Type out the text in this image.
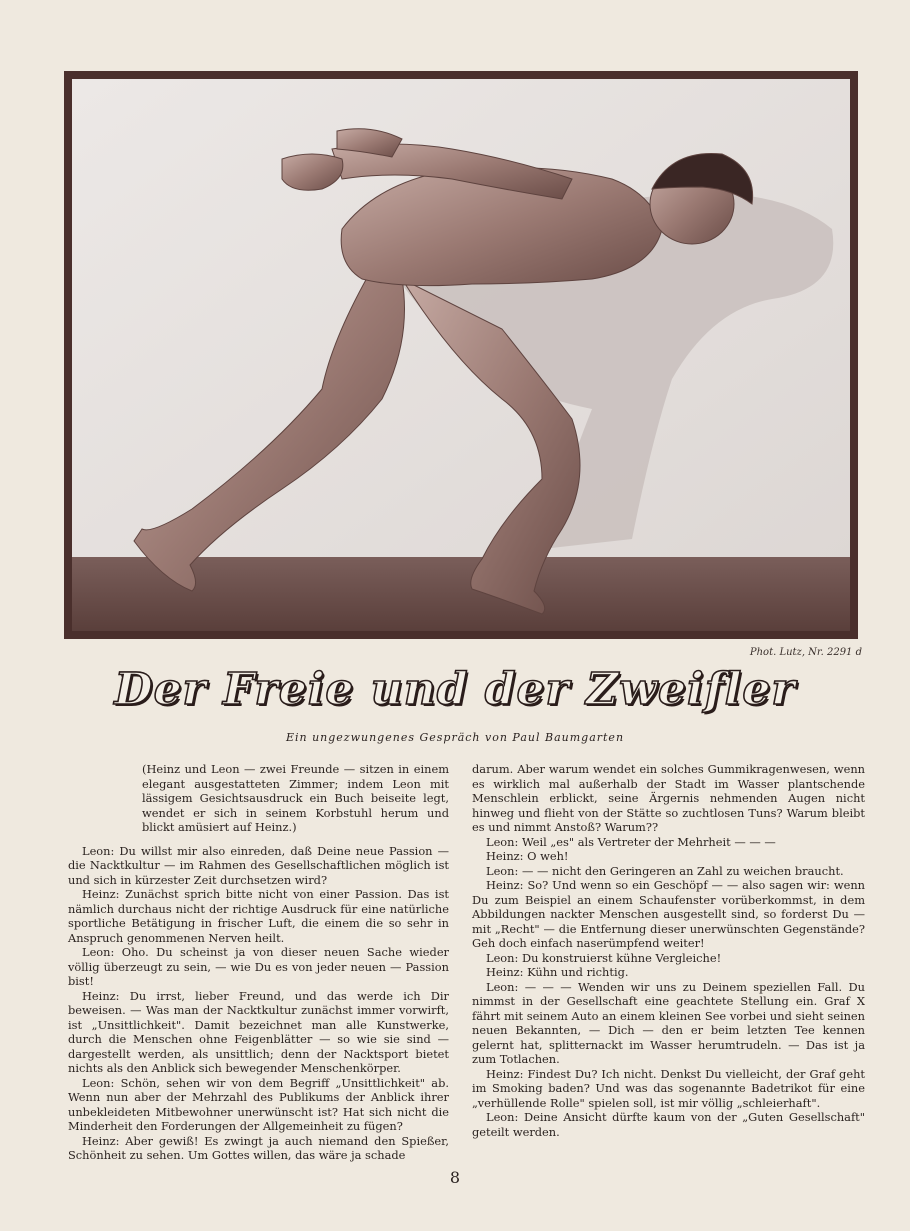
Phot. Lutz, Nr. 2291 d
Der Freie und der Zweifler
Ein ungezwungenes Gespräch von Paul Baumgarten

(Heinz und Leon — zwei Freunde — sitzen in einem elegant ausgestatteten Zimmer; indem Leon mit lässigem Gesichtsausdruck ein Buch beiseite legt, wendet er sich in seinem Korbstuhl herum und blickt amüsiert auf Heinz.)

Leon: Du willst mir also einreden, daß Deine neue Passion — die Nacktkultur — im Rahmen des Gesellschaftlichen möglich ist und sich in kürzester Zeit durchsetzen wird?

Heinz: Zunächst sprich bitte nicht von einer Passion. Das ist nämlich durchaus nicht der richtige Ausdruck für eine natürliche sportliche Betätigung in frischer Luft, die einem die so sehr in Anspruch genommenen Nerven heilt.

Leon: Oho. Du scheinst ja von dieser neuen Sache wieder völlig überzeugt zu sein, — wie Du es von jeder neuen — Passion bist!

Heinz: Du irrst, lieber Freund, und das werde ich Dir beweisen. — Was man der Nacktkultur zunächst immer vorwirft, ist „Unsittlichkeit". Damit bezeichnet man alle Kunstwerke, durch die Menschen ohne Feigenblätter — so wie sie sind — dargestellt werden, als unsittlich; denn der Nacktsport bietet nichts als den Anblick sich bewegender Menschenkörper.

Leon: Schön, sehen wir von dem Begriff „Unsittlichkeit" ab. Wenn nun aber der Mehrzahl des Publikums der Anblick ihrer unbekleideten Mitbewohner unerwünscht ist? Hat sich nicht die Minderheit den Forderungen der Allgemeinheit zu fügen?

Heinz: Aber gewiß! Es zwingt ja auch niemand den Spießer, Schönheit zu sehen. Um Gottes willen, das wäre ja schade

darum. Aber warum wendet ein solches Gummikragenwesen, wenn es wirklich mal außerhalb der Stadt im Wasser plantschende Menschlein erblickt, seine Ärgernis nehmenden Augen nicht hinweg und flieht von der Stätte so zuchtlosen Tuns? Warum bleibt es und nimmt Anstoß? Warum??

Leon: Weil „es" als Vertreter der Mehrheit — — —

Heinz: O weh!

Leon: — — nicht den Geringeren an Zahl zu weichen braucht.

Heinz: So? Und wenn so ein Geschöpf — — also sagen wir: wenn Du zum Beispiel an einem Schaufenster vorüberkommst, in dem Abbildungen nackter Menschen ausgestellt sind, so forderst Du — mit „Recht" — die Entfernung dieser unerwünschten Gegenstände? Geh doch einfach naserümpfend weiter!

Leon: Du konstruierst kühne Vergleiche!

Heinz: Kühn und richtig.

Leon: — — — Wenden wir uns zu Deinem speziellen Fall. Du nimmst in der Gesellschaft eine geachtete Stellung ein. Graf X fährt mit seinem Auto an einem kleinen See vorbei und sieht seinen neuen Bekannten, — Dich — den er beim letzten Tee kennen gelernt hat, splitternackt im Wasser herumtrudeln. — Das ist ja zum Totlachen.

Heinz: Findest Du? Ich nicht. Denkst Du vielleicht, der Graf geht im Smoking baden? Und was das sogenannte Badetrikot für eine „verhüllende Rolle" spielen soll, ist mir völlig „schleierhaft".

Leon: Deine Ansicht dürfte kaum von der „Guten Gesellschaft" geteilt werden.

8
